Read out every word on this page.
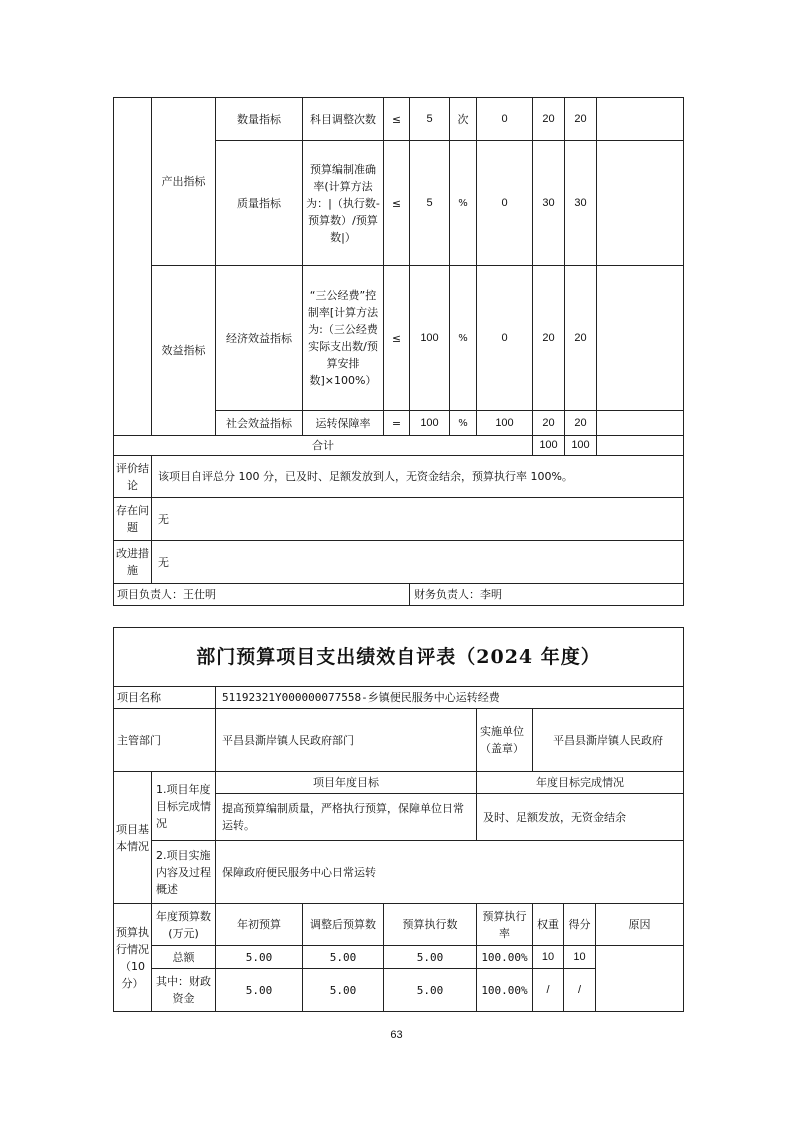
	产出指标	数量指标	科目调整次数	≤	5	次	0	20	20	
		质量指标	预算编制准确率(计算方法为：|（执行数-预算数）/预算数|）	≤	5	%	0	30	30	
	效益指标	经济效益指标	“三公经费”控制率[计算方法为:（三公经费实际支出数/预算安排数]×100%）	≤	100	%	0	20	20	
		社会效益指标	运转保障率	=	100	%	100	20	20	
合计								100	100	
评价结论	该项目自评总分 100 分，已及时、足额发放到人，无资金结余，预算执行率 100%。									
存在问题	无									
改进措施	无									
项目负责人：王仕明					财务负责人：李明					
部门预算项目支出绩效自评表（2024 年度）								
项目名称		51192321Y000000077558-乡镇便民服务中心运转经费						
主管部门		平昌县澌岸镇人民政府部门			实施单位（盖章）	平昌县澌岸镇人民政府		
项目基本情况	1.项目年度目标完成情况	项目年度目标			年度目标完成情况			
		提高预算编制质量，严格执行预算，保障单位日常运转。			及时、足额发放，无资金结余			
	2.项目实施内容及过程概述	保障政府便民服务中心日常运转						
预算执行情况（10分）	年度预算数(万元)	年初预算	调整后预算数	预算执行数	预算执行率	权重	得分	原因
	总额	5.00	5.00	5.00	100.00%	10	10	
	其中：财政资金	5.00	5.00	5.00	100.00%	/	/	
63
